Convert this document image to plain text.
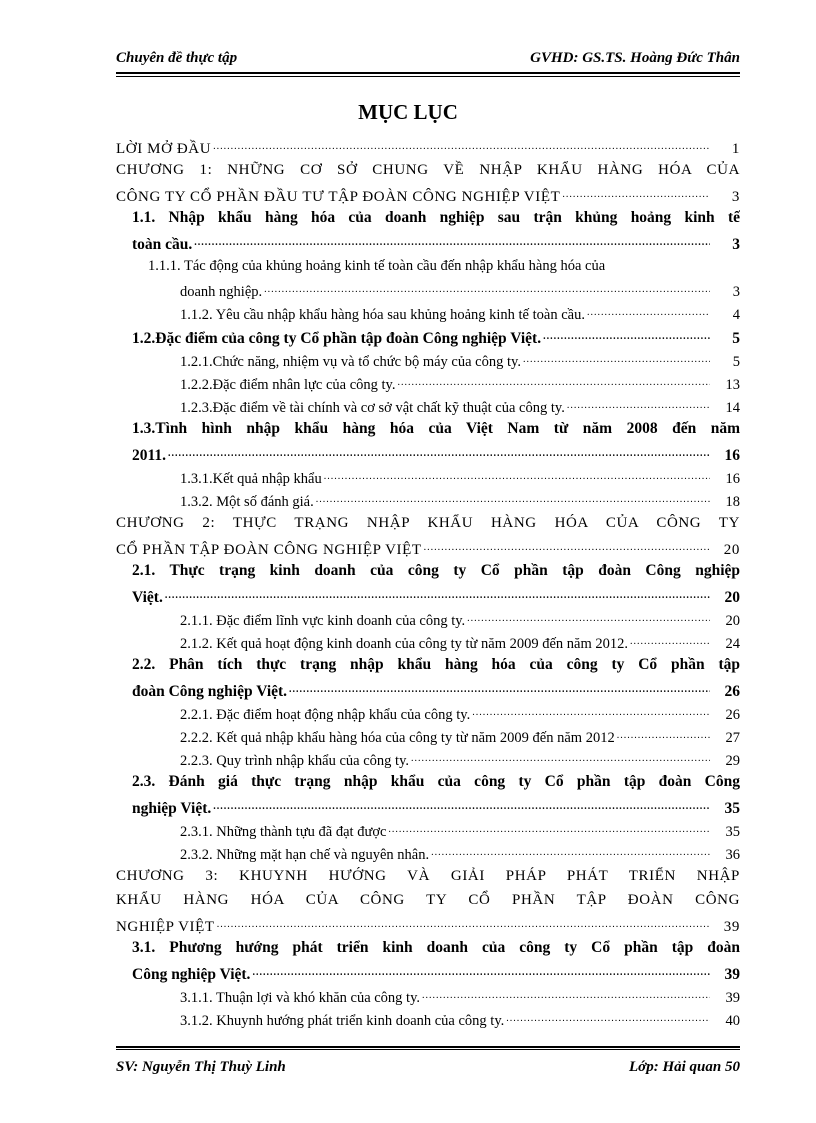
Chuyên đề thực tập	GVHD: GS.TS. Hoàng Đức Thân
MỤC LỤC
LỜI MỞ ĐẦU .....	1
CHƯƠNG 1: NHỮNG CƠ SỞ CHUNG VỀ NHẬP KHẨU HÀNG HÓA CỦA
CÔNG TY CỔ PHẦN ĐẦU TƯ TẬP ĐOÀN CÔNG NGHIỆP VIỆT .....	3
1.1. Nhập khẩu hàng hóa của doanh nghiệp sau trận khủng hoảng kinh tế
toàn cầu. .....	3
1.1.1. Tác động của khủng hoảng kinh tế toàn cầu đến nhập khẩu hàng hóa của
doanh nghiệp. .....	3
1.1.2. Yêu cầu nhập khẩu hàng hóa sau khủng hoảng kinh tế toàn cầu. .....	4
1.2.Đặc điểm của công ty Cổ phần tập đoàn Công nghiệp Việt. .....	5
1.2.1.Chức năng, nhiệm vụ và tổ chức bộ máy của công ty. .....	5
1.2.2.Đặc điểm nhân lực của công ty. .....	13
1.2.3.Đặc điểm về tài chính và cơ sở vật chất kỹ thuật của công ty. .....	14
1.3.Tình hình nhập khẩu hàng hóa của Việt Nam từ năm 2008 đến năm
2011. .....	16
1.3.1.Kết quả nhập khẩu .....	16
1.3.2. Một số đánh giá. .....	18
CHƯƠNG 2: THỰC TRẠNG NHẬP KHẨU HÀNG HÓA CỦA CÔNG TY
CỔ PHẦN TẬP ĐOÀN CÔNG NGHIỆP VIỆT .....	20
2.1. Thực trạng kinh doanh của công ty Cổ phần tập đoàn Công nghiệp
Việt. .....	20
2.1.1. Đặc điểm lĩnh vực kinh doanh của công ty. .....	20
2.1.2. Kết quả hoạt động kinh doanh của công ty từ năm 2009 đến năm 2012. .....	24
2.2. Phân tích thực trạng nhập khẩu hàng hóa của công ty Cổ phần tập
đoàn Công nghiệp Việt. .....	26
2.2.1. Đặc điểm hoạt động nhập khẩu của công ty. .....	26
2.2.2. Kết quả nhập khẩu hàng hóa của công ty từ năm 2009 đến năm 2012 .....	27
2.2.3. Quy trình nhập khẩu của công ty. .....	29
2.3. Đánh giá thực trạng nhập khẩu của công ty Cổ phần tập đoàn Công
nghiệp Việt. .....	35
2.3.1. Những thành tựu đã đạt được .....	35
2.3.2. Những mặt hạn chế và nguyên nhân. .....	36
CHƯƠNG 3: KHUYNH HƯỚNG VÀ GIẢI PHÁP PHÁT TRIỂN NHẬP
KHẨU HÀNG HÓA CỦA CÔNG TY CỔ PHẦN TẬP ĐOÀN CÔNG
NGHIỆP VIỆT .....	39
3.1. Phương hướng phát triển kinh doanh của công ty Cổ phần tập đoàn
Công nghiệp Việt. .....	39
3.1.1. Thuận lợi và khó khăn của công ty. .....	39
3.1.2. Khuynh hướng phát triển kinh doanh của công ty. .....	40
SV: Nguyễn Thị Thuỳ Linh	Lớp: Hải quan 50
